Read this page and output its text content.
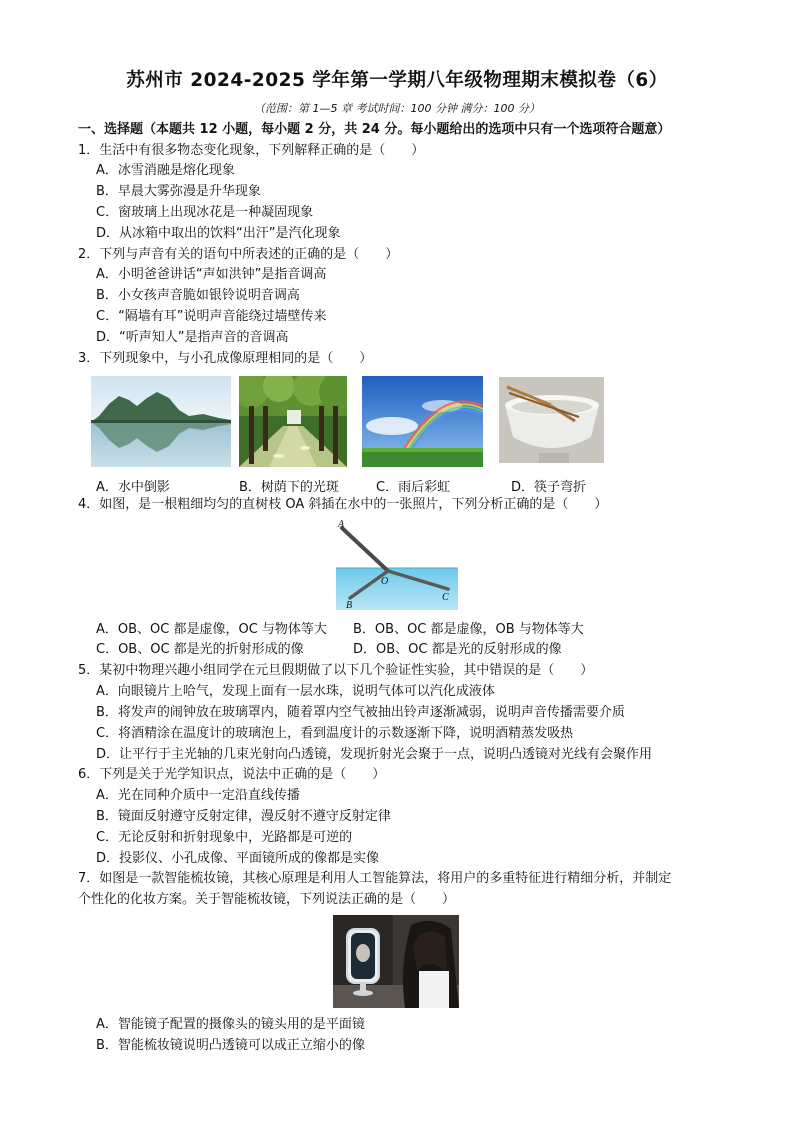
苏州市 2024-2025 学年第一学期八年级物理期末模拟卷（6）
（范围：第 1—5 章 考试时间：100 分钟 满分：100 分）
一、选择题（本题共 12 小题，每小题 2 分，共 24 分。每小题给出的选项中只有一个选项符合题意）
1．生活中有很多物态变化现象，下列解释正确的是（　　）
A．冰雪消融是熔化现象
B．早晨大雾弥漫是升华现象
C．窗玻璃上出现冰花是一种凝固现象
D．从冰箱中取出的饮料“出汗”是汽化现象
2．下列与声音有关的语句中所表述的正确的是（　　）
A．小明爸爸讲话“声如洪钟”是指音调高
B．小女孩声音脆如银铃说明音调高
C．“隔墙有耳”说明声音能绕过墙壁传来
D．“听声知人”是指声音的音调高
3．下列现象中，与小孔成像原理相同的是（　　）
A．水中倒影	B．树荫下的光斑	C．雨后彩虹	D．筷子弯折
4．如图，是一根粗细均匀的直树枝 OA 斜插在水中的一张照片，下列分析正确的是（　　）
A
O
B
C
A．OB、OC 都是虚像，OC 与物体等大 B．OB、OC 都是虚像，OB 与物体等大
C．OB、OC 都是光的折射形成的像	D．OB、OC 都是光的反射形成的像
5．某初中物理兴趣小组同学在元旦假期做了以下几个验证性实验，其中错误的是（　　）
A．向眼镜片上哈气，发现上面有一层水珠，说明气体可以汽化成液体
B．将发声的闹钟放在玻璃罩内，随着罩内空气被抽出铃声逐渐减弱，说明声音传播需要介质
C．将酒精涂在温度计的玻璃泡上，看到温度计的示数逐渐下降，说明酒精蒸发吸热
D．让平行于主光轴的几束光射向凸透镜，发现折射光会聚于一点，说明凸透镜对光线有会聚作用
6．下列是关于光学知识点，说法中正确的是（　　）
A．光在同种介质中一定沿直线传播
B．镜面反射遵守反射定律，漫反射不遵守反射定律
C．无论反射和折射现象中，光路都是可逆的
D．投影仪、小孔成像、平面镜所成的像都是实像
7．如图是一款智能梳妆镜，其核心原理是利用人工智能算法，将用户的多重特征进行精细分析，并制定
个性化的化妆方案。关于智能梳妆镜，下列说法正确的是（　　）
A．智能镜子配置的摄像头的镜头用的是平面镜
B．智能梳妆镜说明凸透镜可以成正立缩小的像
